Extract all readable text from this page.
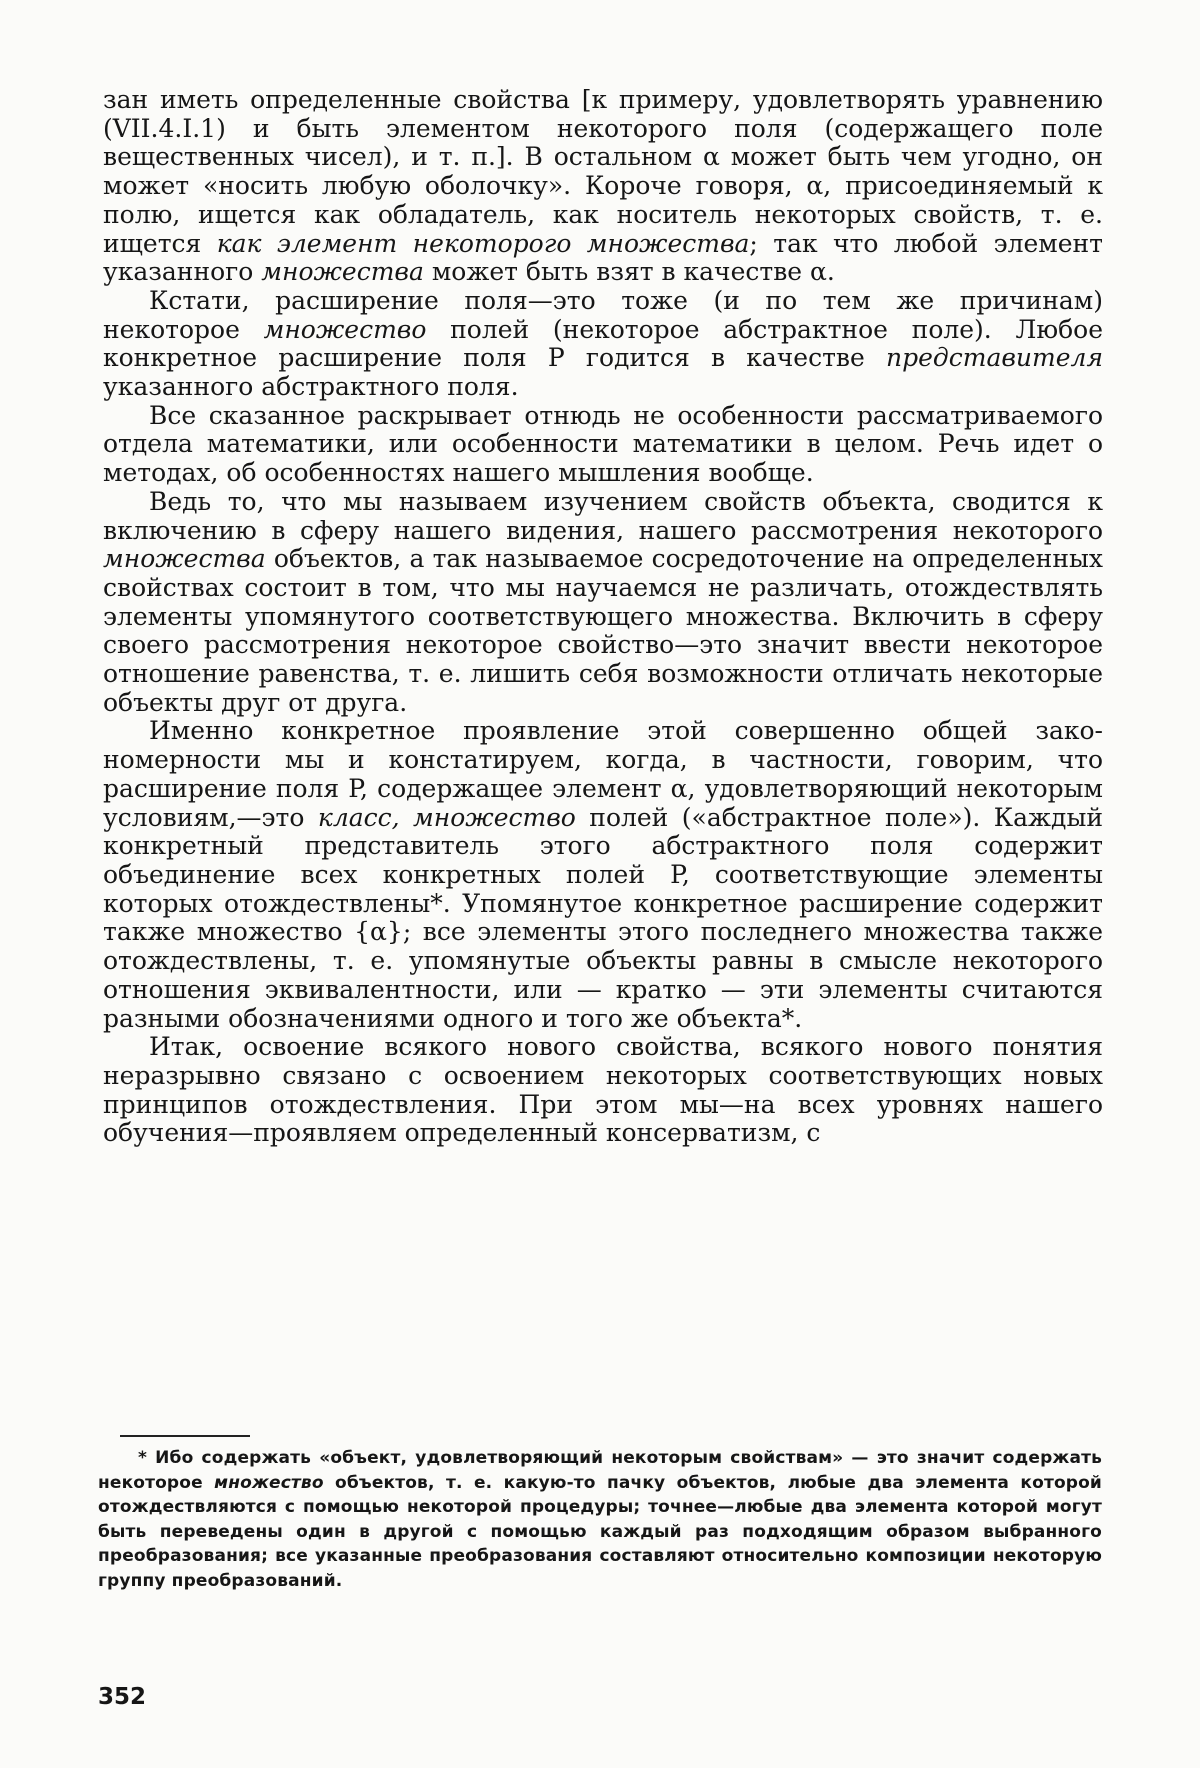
зан иметь определенные свойства [к примеру, удовлетворять уравнению (VII.4.I.1) и быть элементом некоторого поля (содержащего поле вещественных чисел), и т. п.]. В остальном α может быть чем угодно, он может «носить любую оболочку». Короче говоря, α, присоединяемый к полю, ищется как обладатель, как носитель некоторых свойств, т. е. ищется как элемент некоторого множества; так что любой элемент указанного множества может быть взят в качестве α.

Кстати, расширение поля—это тоже (и по тем же причинам) некоторое множество полей (некоторое абстрактное поле). Любое конкретное расширение поля P годится в качестве представителя указанного абстрактного поля.

Все сказанное раскрывает отнюдь не особенности рассматриваемого отдела математики, или особенности математики в целом. Речь идет о методах, об особенностях нашего мышления вообще.

Ведь то, что мы называем изучением свойств объекта, сводится к включению в сферу нашего видения, нашего рассмотрения некоторого множества объектов, а так называемое сосредоточение на определенных свойствах состоит в том, что мы научаемся не различать, отождествлять элементы упомянутого соответствующего множества. Включить в сферу своего рассмотрения некоторое свойство—это значит ввести некоторое отношение равенства, т. е. лишить себя возможности отличать некоторые объекты друг от друга.

Именно конкретное проявление этой совершенно общей закономерности мы и констатируем, когда, в частности, говорим, что расширение поля P, содержащее элемент α, удовлетворяющий некоторым условиям,—это класс, множество полей («абстрактное поле»). Каждый конкретный представитель этого абстрактного поля содержит объединение всех конкретных полей P, соответствующие элементы которых отождествлены*. Упомянутое конкретное расширение содержит также множество {α}; все элементы этого последнего множества также отождествлены, т. е. упомянутые объекты равны в смысле некоторого отношения эквивалентности, или — кратко — эти элементы считаются разными обозначениями одного и того же объекта*.

Итак, освоение всякого нового свойства, всякого нового понятия неразрывно связано с освоением некоторых соответствующих новых принципов отождествления. При этом мы—на всех уровнях нашего обучения—проявляем определенный консерватизм, с

* Ибо содержать «объект, удовлетворяющий некоторым свойствам» — это значит содержать некоторое множество объектов, т. е. какую-то пачку объектов, любые два элемента которой отождествляются с помощью некоторой процедуры; точнее—любые два элемента которой могут быть переведены один в другой с помощью каждый раз подходящим образом выбранного преобразования; все указанные преобразования составляют относительно композиции некоторую группу преобразований.

352
